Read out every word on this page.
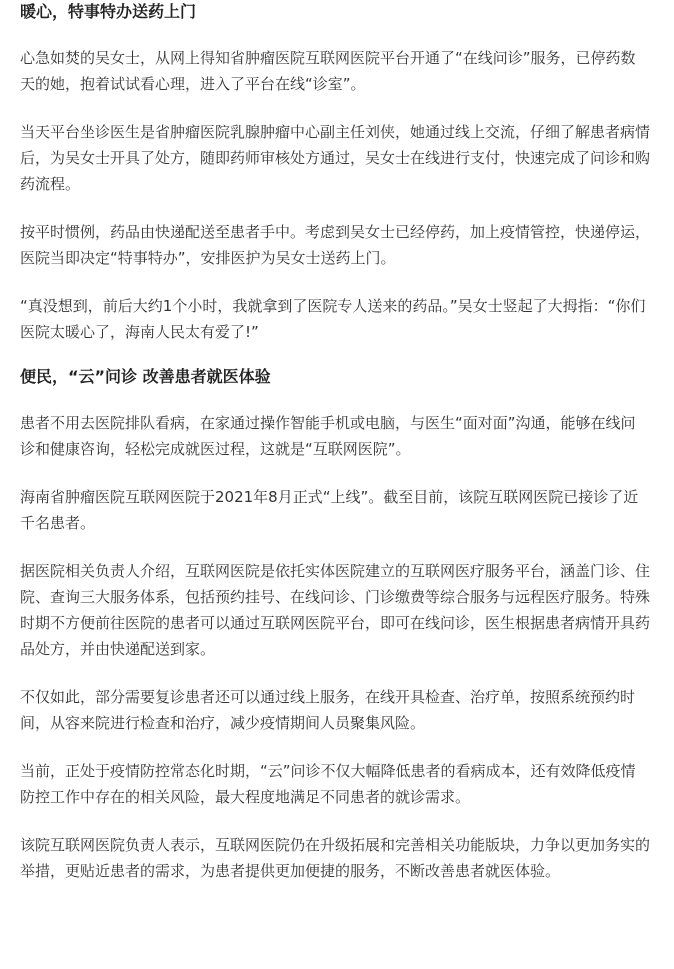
暖心，特事特办送药上门

心急如焚的吴女士，从网上得知省肿瘤医院互联网医院平台开通了“在线问诊”服务，已停药数天的她，抱着试试看心理，进入了平台在线“诊室”。

当天平台坐诊医生是省肿瘤医院乳腺肿瘤中心副主任刘侠，她通过线上交流，仔细了解患者病情后，为吴女士开具了处方，随即药师审核处方通过，吴女士在线进行支付，快速完成了问诊和购药流程。

按平时惯例，药品由快递配送至患者手中。考虑到吴女士已经停药，加上疫情管控，快递停运，医院当即决定“特事特办”，安排医护为吴女士送药上门。

“真没想到，前后大约1个小时，我就拿到了医院专人送来的药品。”吴女士竖起了大拇指：“你们医院太暖心了，海南人民太有爱了!”

便民，“云”问诊 改善患者就医体验

患者不用去医院排队看病，在家通过操作智能手机或电脑，与医生“面对面”沟通，能够在线问诊和健康咨询，轻松完成就医过程，这就是“互联网医院”。

海南省肿瘤医院互联网医院于2021年8月正式“上线”。截至目前，该院互联网医院已接诊了近千名患者。

据医院相关负责人介绍，互联网医院是依托实体医院建立的互联网医疗服务平台，涵盖门诊、住院、查询三大服务体系，包括预约挂号、在线问诊、门诊缴费等综合服务与远程医疗服务。特殊时期不方便前往医院的患者可以通过互联网医院平台，即可在线问诊，医生根据患者病情开具药品处方，并由快递配送到家。

不仅如此，部分需要复诊患者还可以通过线上服务，在线开具检查、治疗单，按照系统预约时间，从容来院进行检查和治疗，减少疫情期间人员聚集风险。

当前，正处于疫情防控常态化时期，“云”问诊不仅大幅降低患者的看病成本，还有效降低疫情防控工作中存在的相关风险，最大程度地满足不同患者的就诊需求。

该院互联网医院负责人表示，互联网医院仍在升级拓展和完善相关功能版块，力争以更加务实的举措，更贴近患者的需求，为患者提供更加便捷的服务，不断改善患者就医体验。
